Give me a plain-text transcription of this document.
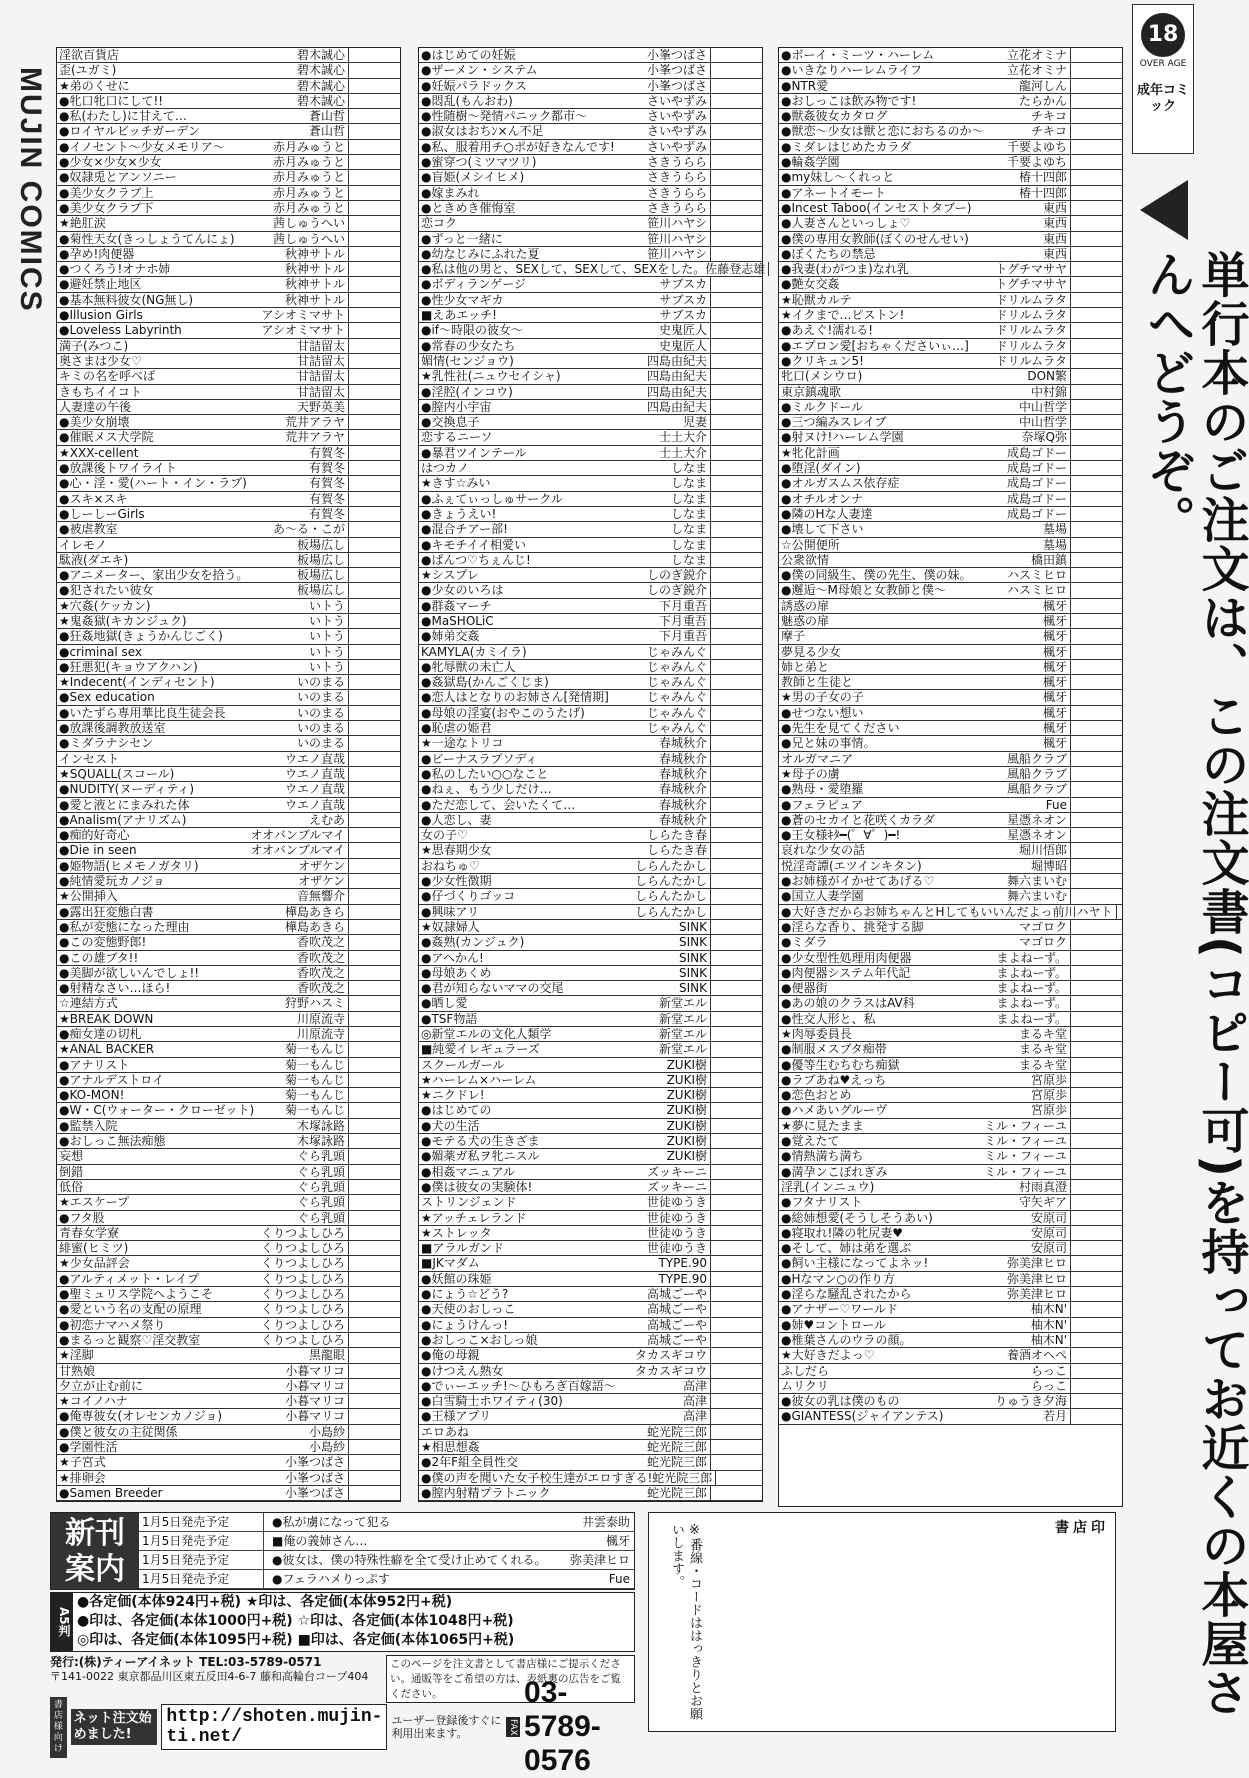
MUJIN COMICS
淫欲百貨店	碧木誠心
歪(ユガミ)	碧木誠心
★弟のくせに	碧木誠心
●牝口牝口にして!!	碧木誠心
●私(わたし)に甘えて…	蒼山哲
●ロイヤルビッチガーデン	蒼山哲
●イノセント〜少女メモリア〜	赤月みゅうと
●少女×少女×少女	赤月みゅうと
●奴隷兎とアンソニー	赤月みゅうと
●美少女クラブ上	赤月みゅうと
●美少女クラブ下	赤月みゅうと
★絶肛涙	茜しゅうへい
●菊性天女(きっしょうてんにょ)	茜しゅうへい
●孕め!肉便器	秋神サトル
●つくろう!オナホ姉	秋神サトル
●避妊禁止地区	秋神サトル
●基本無料彼女(NG無し)	秋神サトル
●Illusion Girls	アシオミマサト
●Loveless Labyrinth	アシオミマサト
満子(みつこ)	甘詰留太
奥さまは少女♡	甘詰留太
キミの名を呼べば	甘詰留太
きもちイイコト	甘詰留太
人妻達の午後	天野英美
●美少女崩壊	荒井アラヤ
●催眠メス犬学院	荒井アラヤ
★XXX-cellent	有賀冬
●放課後トワイライト	有賀冬
●心・淫・愛(ハート・イン・ラブ)	有賀冬
●スキ×スキ	有賀冬
●しーしーGirls	有賀冬
●被虐教室	あ〜る・こが
イレモノ	板場広し
駄液(ダエキ)	板場広し
●アニメーター、家出少女を拾う。	板場広し
●犯されたい彼女	板場広し
★穴姦(ケッカン)	いトう
★鬼姦獄(キカンジュク)	いトう
●狂姦地獄(きょうかんじごく)	いトう
●criminal sex	いトう
●狂悪犯(キョウアクハン)	いトう
★Indecent(インディセント)	いのまる
●Sex education	いのまる
●いたずら専用華比良生徒会長	いのまる
●放課後調教放送室	いのまる
●ミダラナシセン	いのまる
インセスト	ウエノ直哉
★SQUALL(スコール)	ウエノ直哉
●NUDITY(ヌーディティ)	ウエノ直哉
●愛と液とにまみれた体	ウエノ直哉
●Analism(アナリズム)	えむあ
●痴的好奇心	オオバンブルマイ
●Die in seen	オオバンブルマイ
●姫物語(ヒメモノガタリ)	オザケン
●純情愛玩カノジョ	オザケン
★公開挿入	音無響介
●露出狂変態白書	樺島あきら
●私が変態になった理由	樺島あきら
●この変態野郎!	香吹茂之
●この雄ブタ!!	香吹茂之
●美脚が欲しいんでしょ!!	香吹茂之
●射精なさい…ほら!	香吹茂之
☆連結方式	狩野ハスミ
★BREAK DOWN	川原流寺
●痴女達の切札	川原流寺
★ANAL BACKER	菊一もんじ
●アナリスト	菊一もんじ
●アナルデストロイ	菊一もんじ
●KO-MON!	菊一もんじ
●W・C(ウォーター・クローゼット)	菊一もんじ
●監禁入院	木塚詠路
●おしっこ無法痴態	木塚詠路
妄想	ぐら乳頭
倒錯	ぐら乳頭
低俗	ぐら乳頭
★エスケープ	ぐら乳頭
●フタ股	ぐら乳頭
青春女学寮	くりつよしひろ
緋蜜(ヒミツ)	くりつよしひろ
★少女品評会	くりつよしひろ
●アルティメット・レイプ	くりつよしひろ
●聖ミュリス学院へようこそ	くりつよしひろ
●愛という名の支配の原理	くりつよしひろ
●初恋ナマハメ祭り	くりつよしひろ
●まるっと観察♡淫交教室	くりつよしひろ
★淫脚	黒龍眼
甘熟娘	小暮マリコ
夕立が止む前に	小暮マリコ
★コイノハナ	小暮マリコ
●俺専彼女(オレセンカノジョ)	小暮マリコ
●僕と彼女の主従関係	小島紗
●学園性活	小島紗
★子宮式	小峯つばさ
★排卵会	小峯つばさ
●Samen Breeder	小峯つばさ
●はじめての妊娠	小峯つばさ
●ザーメン・システム	小峯つばさ
●妊娠パラドックス	小峯つばさ
●悶乱(もんおわ)	さいやずみ
●性随樹〜発情パニック都市〜	さいやずみ
●淑女はおちﾝ×ん不足	さいやずみ
●私、服着用チ○ポが好きなんです!	さいやずみ
●蜜穿つ(ミツマツリ)	さきうらら
●盲姫(メシイヒメ)	さきうらら
●嫁まみれ	さきうらら
●ときめき催悔室	さきうらら
恋コク	笹川ハヤシ
●ずっと一緒に	笹川ハヤシ
●幼なじみにふれた夏	笹川ハヤシ
●私は他の男と、SEXして、SEXして、SEXをした。 佐藤登志雄
●ボディランゲージ	サブスカ
●性少女マギカ	サブスカ
■えあエッチ!	サブスカ
●if〜時限の彼女〜	史鬼匠人
●常春の少女たち	史鬼匠人
媚情(センジョウ)	四島由紀夫
★乳性社(ニュウセイシャ)	四島由紀夫
●淫腔(インコウ)	四島由紀夫
●膣内小宇宙	四島由紀夫
●交換息子	児妻
恋するニーソ	士土大介
●暴君ツインテール	士土大介
はつカノ	しなま
★きす☆みい	しなま
●ふぇてぃっしゅサークル	しなま
●きょうえい!	しなま
●混合チアー部!	しなま
●キモチイイ相愛い	しなま
●ぱんつ♡ちぇんじ!	しなま
★シスプレ	しのぎ鋭介
●少女のいろは	しのぎ鋭介
●群姦マーチ	下月重吾
●MaSHOLiC	下月重吾
●姉弟交姦	下月重吾
KAMYLA(カミイラ)	じゃみんぐ
●牝辱獣の未亡人	じゃみんぐ
●姦獄島(かんごくじま)	じゃみんぐ
●恋人はとなりのお姉さん[発情期]	じゃみんぐ
●母娘の淫宴(おやこのうたげ)	じゃみんぐ
●恥虐の姫君	じゃみんぐ
★一途なトリコ	春城秋介
●ビーナスラプソディ	春城秋介
●私のしたい○○なこと	春城秋介
●ねぇ、もう少しだけ…	春城秋介
●ただ恋して、会いたくて…	春城秋介
●人恋し、妻	春城秋介
女の子♡	しらたき春
★思春期少女	しらたき春
おねちゅ♡	しらんたかし
●少女性徴期	しらんたかし
●仔づくりゴッコ	しらんたかし
●興味アリ	しらんたかし
★奴隷婦人	SINK
●姦熟(カンジュク)	SINK
●アヘかん!	SINK
●母娘あくめ	SINK
●君が知らないママの交尾	SINK
●晒し愛	新堂エル
●TSF物語	新堂エル
◎新堂エルの文化人類学	新堂エル
■純愛イレギュラーズ	新堂エル
スクールガール	ZUKI樹
★ハーレム×ハーレム	ZUKI樹
★ニクドレ!	ZUKI樹
●はじめての	ZUKI樹
●犬の生活	ZUKI樹
●モテる犬の生きざま	ZUKI樹
●媚薬ガ私ヲ牝ニスル	ZUKI樹
●相姦マニュアル	ズッキーニ
●僕は彼女の実験体!	ズッキーニ
ストリンジェンド	世徒ゆうき
★アッチェレランド	世徒ゆうき
★ストレッタ	世徒ゆうき
■アラルガンド	世徒ゆうき
■JKマダム	TYPE.90
●妖館の珠姫	TYPE.90
●にょう☆どう?	高城ごーや
●天使のおしっこ	高城ごーや
●にょうけんっ!	高城ごーや
●おしっこ×おしっ娘	高城ごーや
●俺の母親	タカスギコウ
●けつえん熟女	タカスギコウ
●でぃーエッチ!〜ひもろぎ百嫁語〜	高津
●白雪騎士ホワイティ(30)	高津
●王様アプリ	高津
エロあね	蛇光院三郎
★相思想姦	蛇光院三郎
●2年F組全員性交	蛇光院三郎
●僕の声を聞いた女子校生達がエロすぎる! 蛇光院三郎
●膣内射精プラトニック	蛇光院三郎
●ボーイ・ミーツ・ハーレム	立花オミナ
●いきなりハーレムライフ	立花オミナ
●NTR愛	龍河しん
●おしっこは飲み物です!	たらかん
●獣姦彼女カタログ	チキコ
●獣恋〜少女は獣と恋におちるのか〜	チキコ
●ミダレはじめたカラダ	千要よゆち
●輪姦学園	千要よゆち
●my妹し〜くれっと	椿十四郎
●アネートイモート	椿十四郎
●Incest Taboo(インセストタブー)	東西
●人妻さんといっしょ♡	東西
●僕の専用女教師(ぼくのせんせい)	東西
●ぼくたちの禁忌	東西
●我妻(わがつま)なれ乳	トグチマサヤ
●艶女交姦	トグチマサヤ
★恥獣カルテ	ドリルムラタ
★イクまで…ピストン!	ドリルムラタ
●あえぐ!濡れる!	ドリルムラタ
●エプロン愛[おちゃくださいぃ…]	ドリルムラタ
●クリキュン5!	ドリルムラタ
牝口(メシウロ)	DON繁
東京鎮魂歌	中村錦
●ミルクドール	中山哲学
●三つ編みスレイブ	中山哲学
●射ヌけ!ハーレム学園	奈塚Q弥
★牝化計画	成島ゴドー
●堕淫(ダイン)	成島ゴドー
●オルガスムス依存症	成島ゴドー
●オチルオンナ	成島ゴドー
●隣のHな人妻達	成島ゴドー
●壊して下さい	墓場
☆公開便所	墓場
公衆欲情	橋田鎮
●僕の同級生、僕の先生、僕の妹。	ハスミヒロ
●邂逅〜M母娘と女教師と僕〜	ハスミヒロ
誘惑の扉	楓牙
魅惑の扉	楓牙
摩子	楓牙
夢見る少女	楓牙
姉と弟と	楓牙
教師と生徒と	楓牙
★男の子女の子	楓牙
●せつない想い	楓牙
●先生を見てください	楓牙
●兄と妹の事情。	楓牙
オルガマニア	風船クラブ
★母子の虜	風船クラブ
●熟母・愛堕羅	風船クラブ
●フェラピュア	Fue
●蒼のセカイと花咲くカラダ	星憑ネオン
●王女様ｷﾀ━(゜∀゜)━!	星憑ネオン
哀れな少女の話	堀川悟郎
悦淫奇譚(エツインキタン)	堀博昭
●お姉様がイかせてあげる♡	舞六まいむ
●国立人妻学園	舞六まいむ
●大好きだからお姉ちゃんとHしてもいいんだよっ 前川ハヤト
●淫らな香り、挑発する脚	マゴロク
●ミダラ	マゴロク
●少女型性処理用肉便器	まよねーず。
●肉便器システム年代記	まよねーず。
●便器街	まよねーず。
●あの娘のクラスはAV科	まよねーず。
●性交人形と、私	まよねーず。
★肉辱委員長	まるキ堂
●制服メスブタ痴帯	まるキ堂
●優等生むちむち痴獄	まるキ堂
●ラブあね♥えっち	宮原歩
●恋色おとめ	宮原歩
●ハメあいグルーヴ	宮原歩
★夢に見たまま	ミル・フィーユ
●覚えたて	ミル・フィーユ
●情熱満ち満ち	ミル・フィーユ
●満孕ンこぼれぎみ	ミル・フィーユ
淫乳(インニュウ)	村雨真澄
●フタナリスト	守矢ギア
●総姉想愛(そうしそうあい)	安原司
●寝取れ!隣の牝尻妻♥	安原司
●そして、姉は弟を選ぶ	安原司
●飼い主様になってよネッ!	弥美津ヒロ
●Hなマン○の作り方	弥美津ヒロ
●淫らな騒乱されたから	弥美津ヒロ
●アナザー♡ワールド	柚木N'
●姉♥コントロール	柚木N'
●椎葉さんのウラの顔。	柚木N'
★大好きだよっ♡	養酒オヘペ
ふしだら	らっこ
ムリクリ	らっこ
●彼女の乳は僕のもの	りゅうき夕海
●GIANTESS(ジャイアンテス)	若月
18
OVER AGE
成年コミック
単行本のご注文は、この注文書(コピー可)を持ってお近くの本屋さんへどうぞ。
新刊案内
1月5日発売予定	●私が虜になって犯る	井雲泰助
1月5日発売予定	■俺の義姉さん…	楓牙
1月5日発売予定	●彼女は、僕の特殊性癖を全て受け止めてくれる。	弥美津ヒロ
1月5日発売予定	●フェラハメりっぷす	Fue
A5判
●各定価(本体924円+税) ★印は、各定価(本体952円+税)
●印は、各定価(本体1000円+税) ☆印は、各定価(本体1048円+税)
◎印は、各定価(本体1095円+税) ■印は、各定価(本体1065円+税)
発行:(株)ティーアイネット TEL:03-5789-0571
〒141-0022 東京都品川区東五反田4-6-7 藤和高輪台コープ404
このページを注文書として書店様にご提示ください。通販等をご希望の方は、表紙裏の広告をご覧ください。
書店様向け
ネット注文始めました!
http://shoten.mujin-ti.net/
ユーザー登録後すぐに利用出来ます。	FAX
03-5789-0576
書店印
※番線・コードははっきりとお願いします。
